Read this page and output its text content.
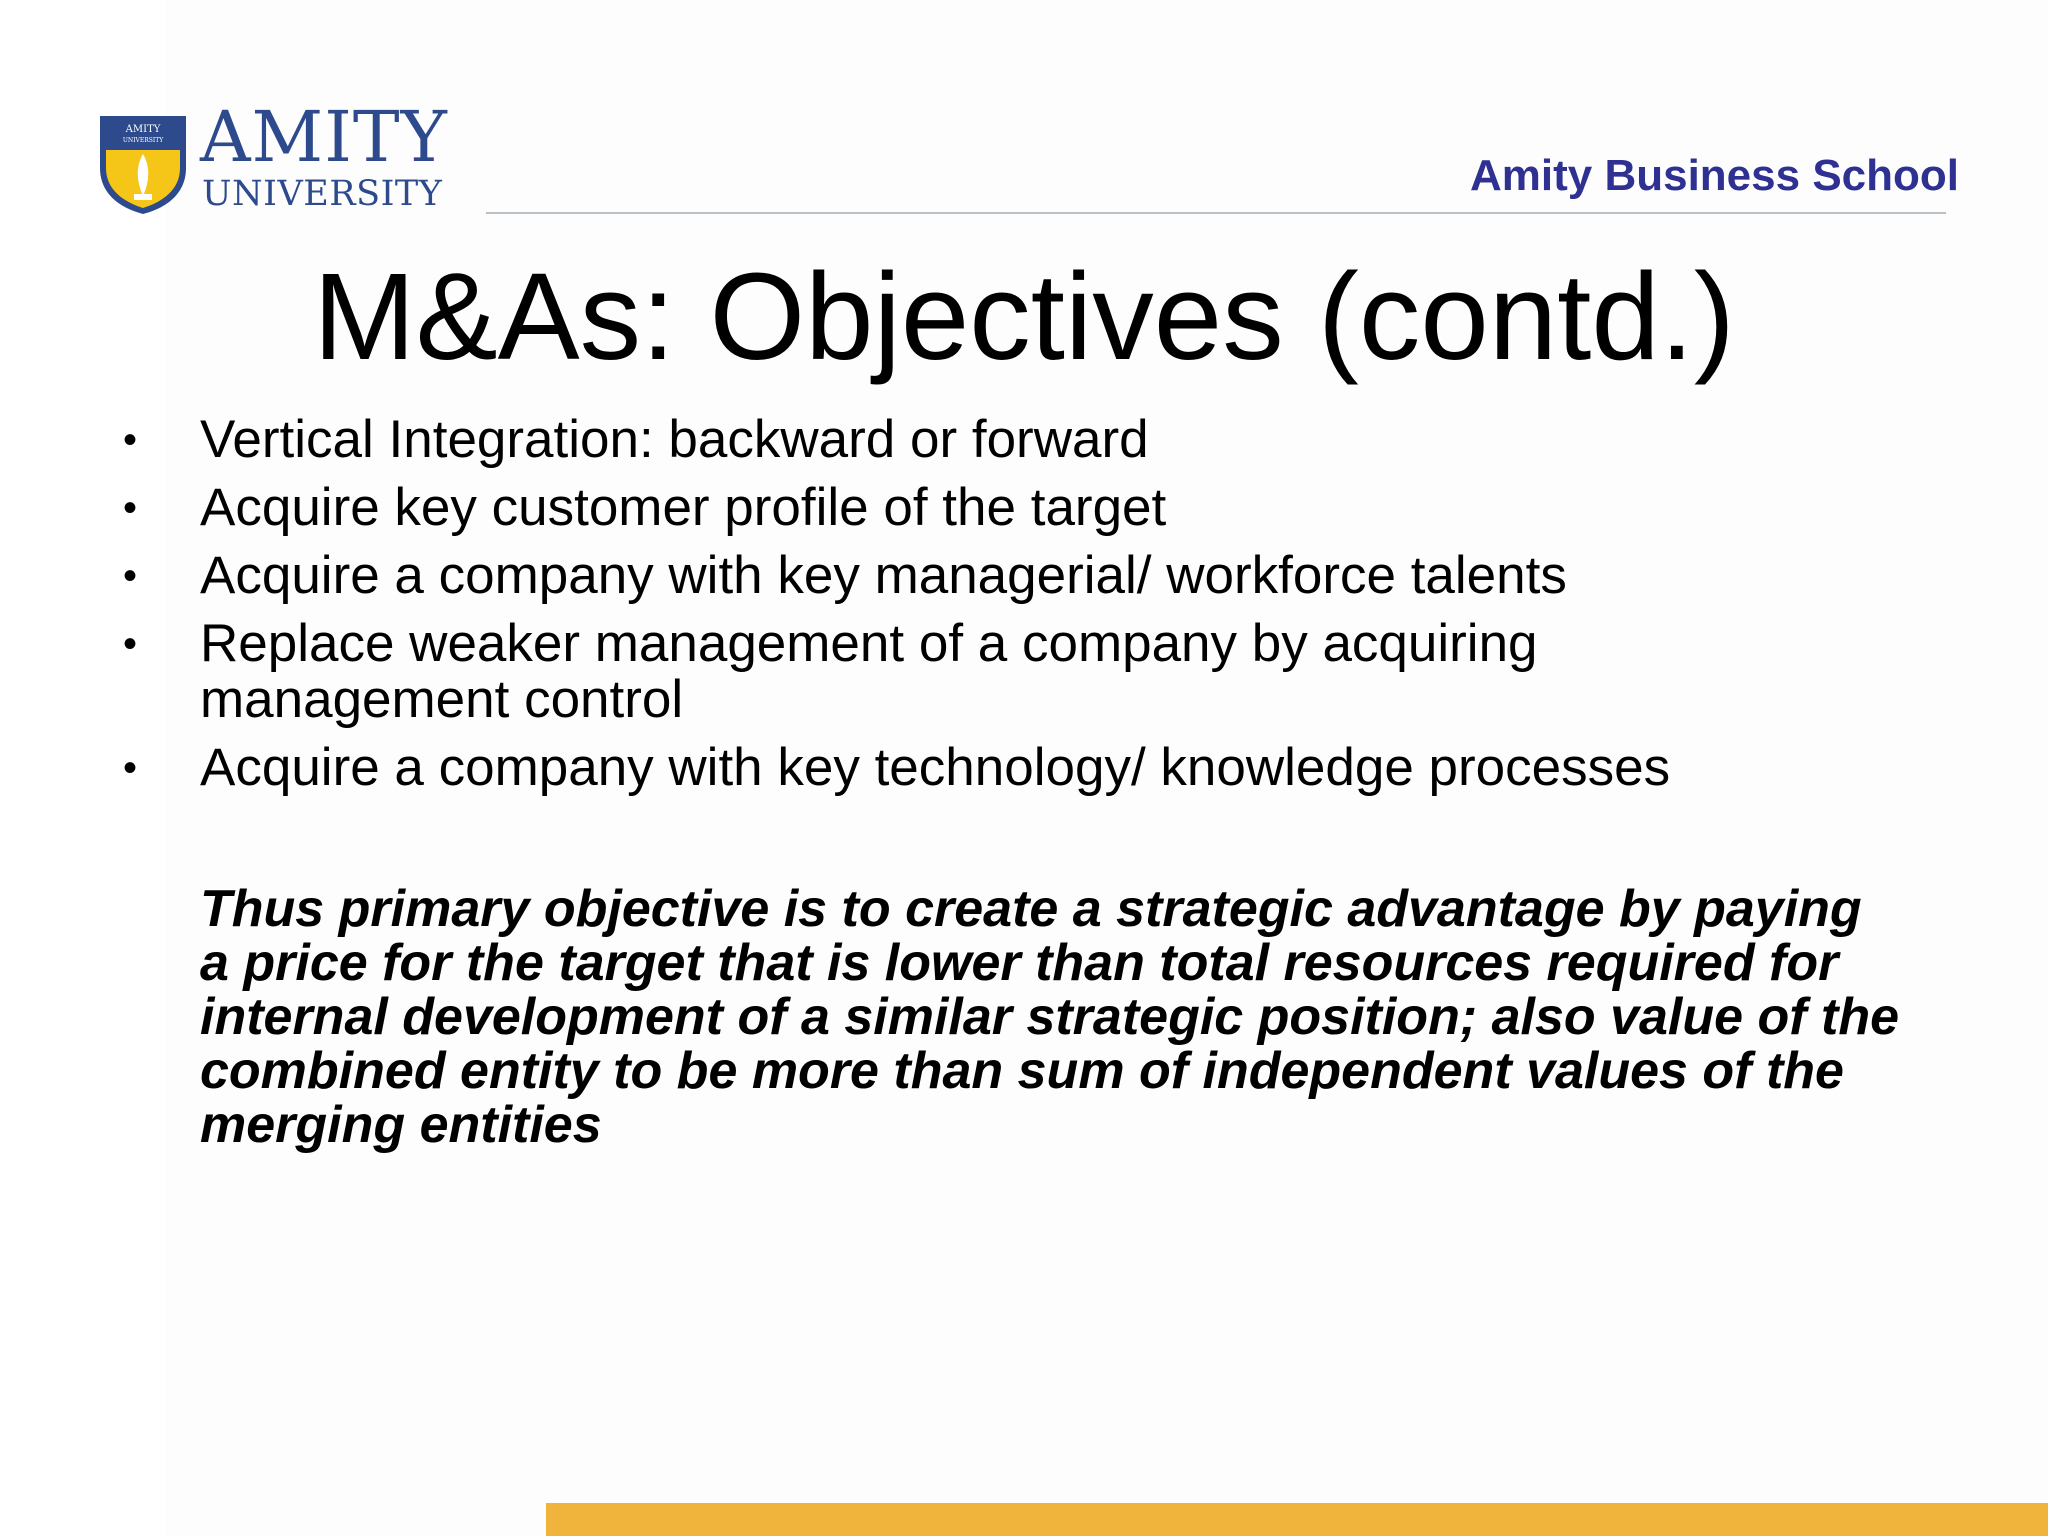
AMITY
UNIVERSITY AMITY
UNIVERSITY	Amity Business School
M&As: Objectives (contd.)
• Vertical Integration: backward or forward
• Acquire key customer profile of the target
• Acquire a company with key managerial/ workforce talents
• Replace weaker management of a company by acquiring management control
• Acquire a company with key technology/ knowledge processes

Thus primary objective is to create a strategic advantage by paying a price for the target that is lower than total resources required for internal development of a similar strategic position; also value of the combined entity to be more than sum of independent values of the merging entities
